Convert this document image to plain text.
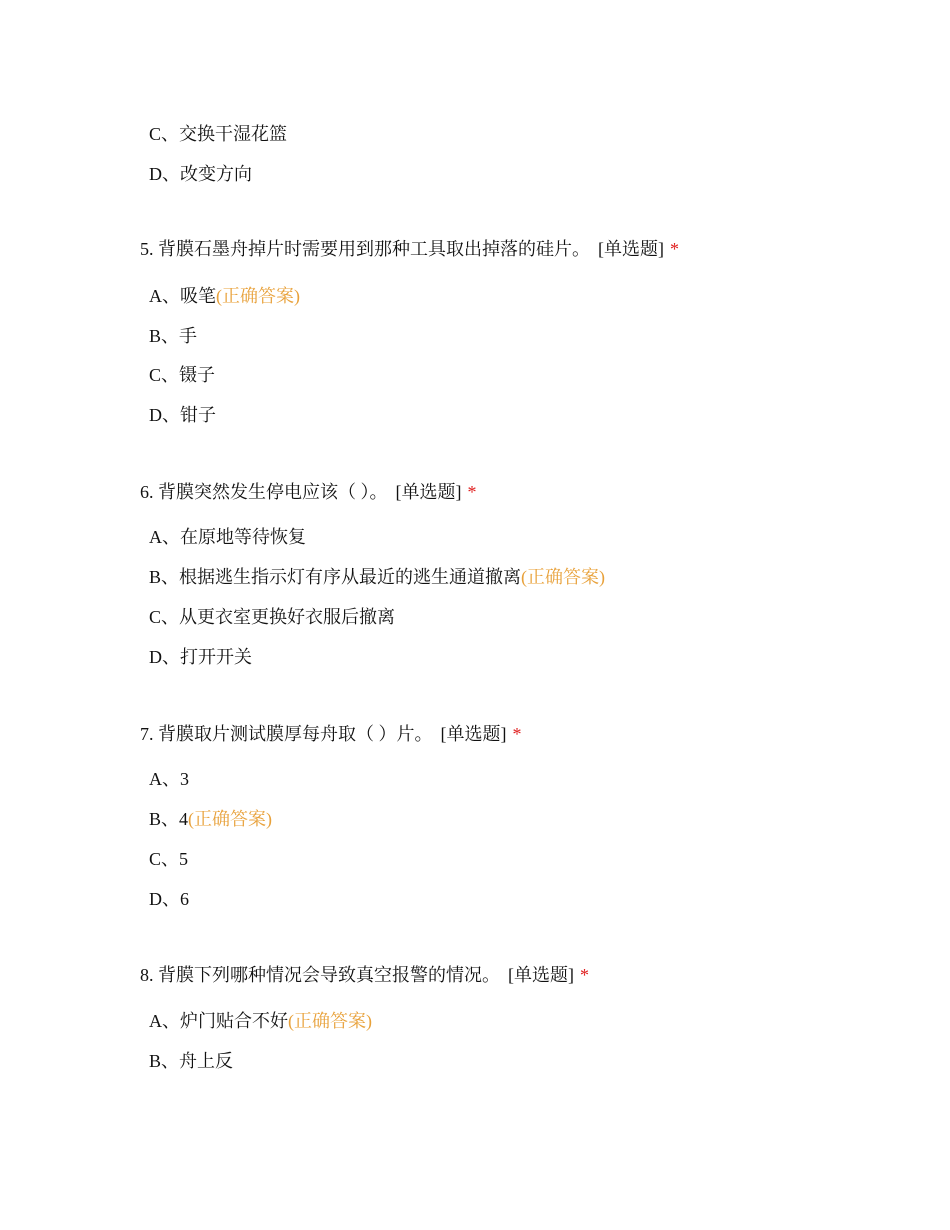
C、交换干湿花篮
D、改变方向
5. 背膜石墨舟掉片时需要用到那种工具取出掉落的硅片。 [单选题] *
A、吸笔(正确答案)
B、手
C、镊子
D、钳子
6. 背膜突然发生停电应该（ ）。 [单选题] *
A、在原地等待恢复
B、根据逃生指示灯有序从最近的逃生通道撤离(正确答案)
C、从更衣室更换好衣服后撤离
D、打开开关
7. 背膜取片测试膜厚每舟取（ ）片。 [单选题] *
A、3
B、4(正确答案)
C、5
D、6
8. 背膜下列哪种情况会导致真空报警的情况。 [单选题] *
A、炉门贴合不好(正确答案)
B、舟上反
